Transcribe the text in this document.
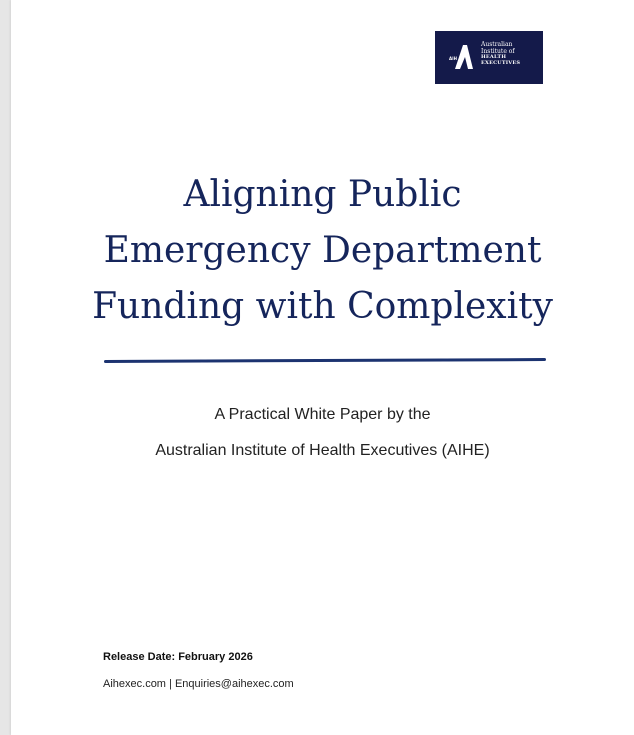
AIH
Australian
Institute of
HEALTH
EXECUTIVES
Aligning Public
Emergency Department
Funding with Complexity
A Practical White Paper by the
Australian Institute of Health Executives (AIHE)
Release Date: February 2026
Aihexec.com | Enquiries@aihexec.com
